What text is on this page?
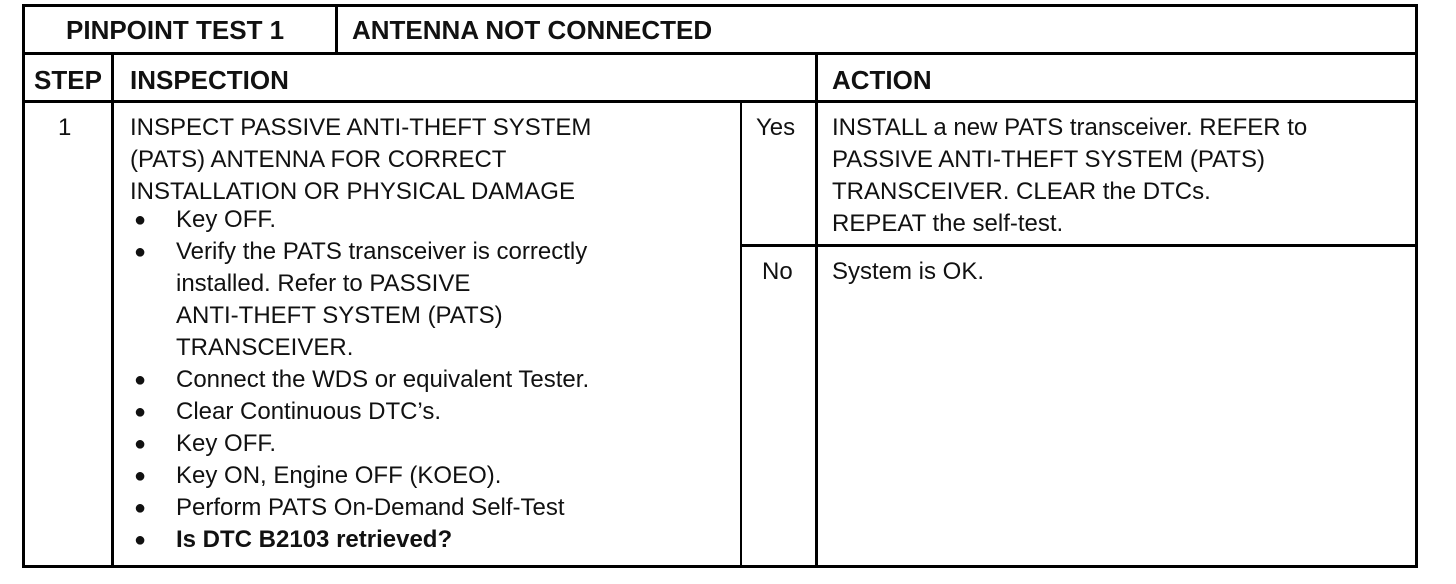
PINPOINT TEST 1	ANTENNA NOT CONNECTED
STEP INSPECTION	ACTION
1 INSPECT PASSIVE ANTI-THEFT SYSTEM
(PATS) ANTENNA FOR CORRECT
INSTALLATION OR PHYSICAL DAMAGE
● Key OFF.
● Verify the PATS transceiver is correctly
installed. Refer to PASSIVE
ANTI-THEFT SYSTEM (PATS)
TRANSCEIVER.
● Connect the WDS or equivalent Tester.
● Clear Continuous DTC’s.
● Key OFF.
● Key ON, Engine OFF (KOEO).
● Perform PATS On-Demand Self-Test
● Is DTC B2103 retrieved?
Yes
No
INSTALL a new PATS transceiver. REFER to
PASSIVE ANTI-THEFT SYSTEM (PATS)
TRANSCEIVER. CLEAR the DTCs.
REPEAT the self-test.
System is OK.
